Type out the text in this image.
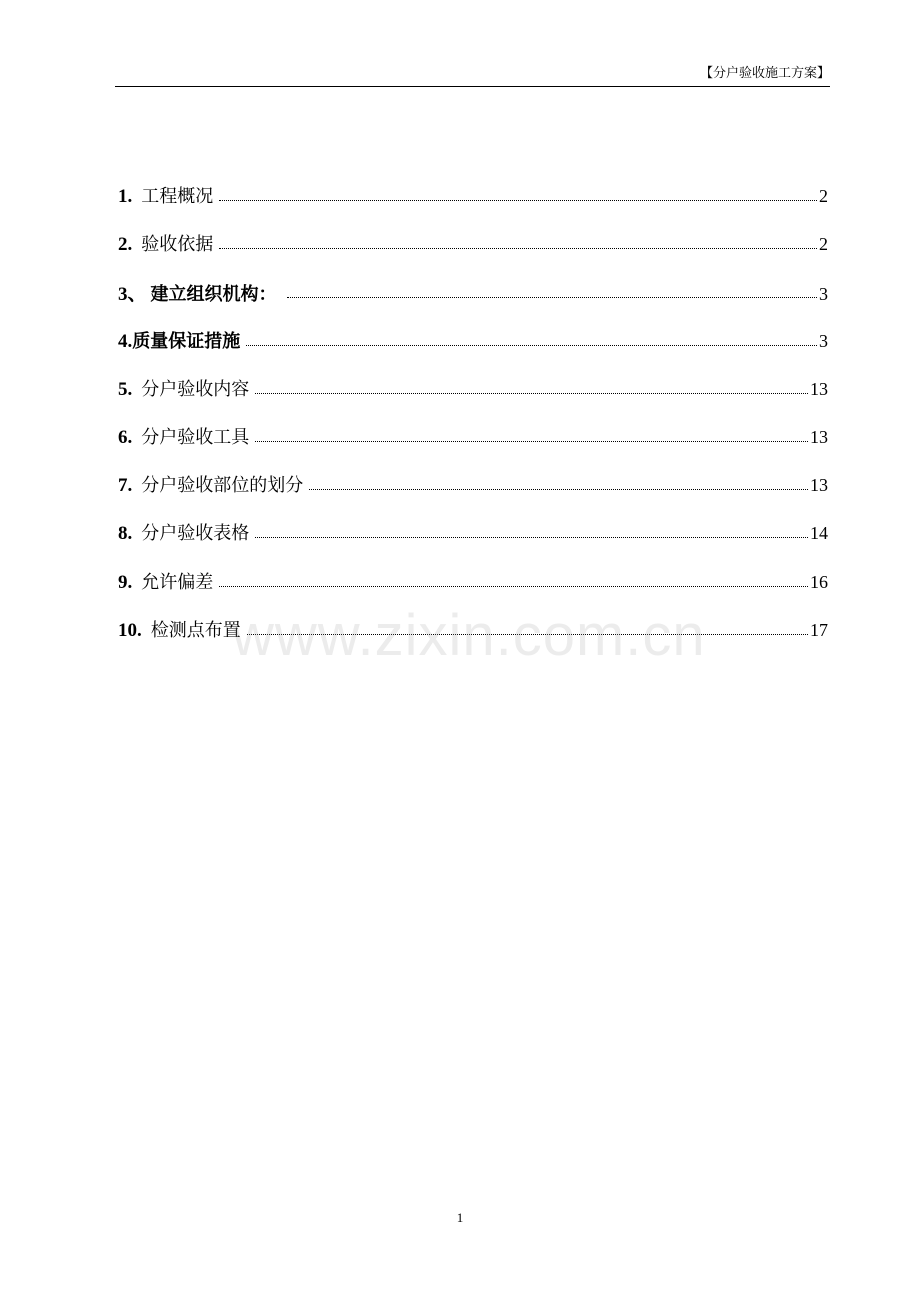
【分户验收施工方案】
1. 工程概况	2
2. 验收依据	2
3、 建立组织机构：	3
4. 质量保证措施	3
5. 分户验收内容	13
6. 分户验收工具	13
7. 分户验收部位的划分	13
8. 分户验收表格	14
9. 允许偏差	16
10. 检测点布置	17
www.zixin.com.cn
1
